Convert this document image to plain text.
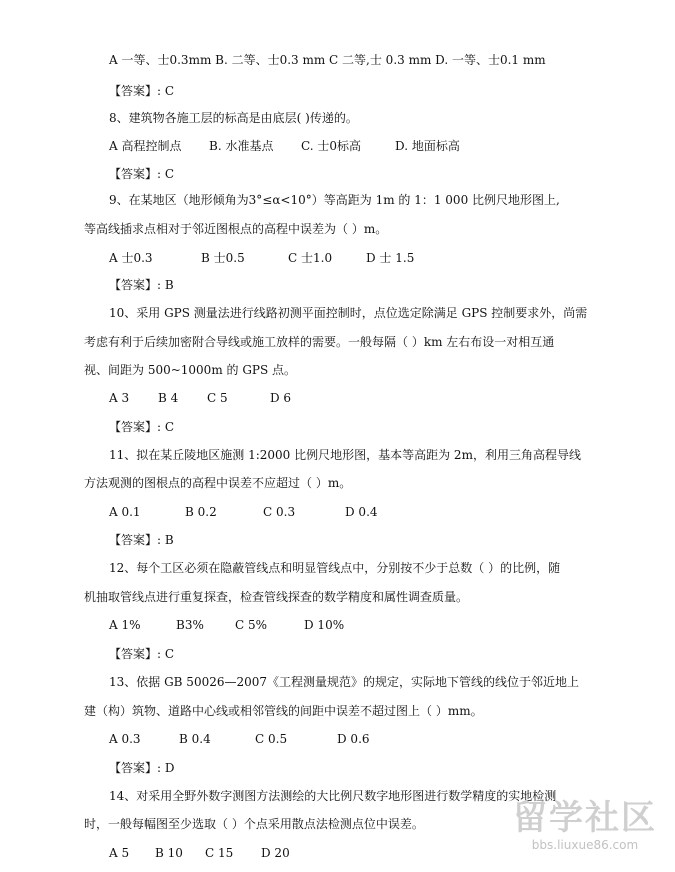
A 一等、士0.3mm B. 二等、士0.3 mm C 二等,士 0.3 mm D. 一等、士0.1 mm
【答案】: C
8、建筑物各施工层的标高是由底层( )传递的。
A 高程控制点 B. 水准基点 C. 士0标高	D. 地面标高
【答案】: C
9、在某地区（地形倾角为3°≤α<10°）等高距为 1m 的 1：1 000 比例尺地形图上,
等高线插求点相对于邻近图根点的高程中误差为（ ）m。
A 士0.3	B 士0.5	C 士1.0	D 士 1.5
【答案】: B
10、采用 GPS 测量法进行线路初测平面控制时，点位选定除满足 GPS 控制要求外，尚需
考虑有利于后续加密附合导线或施工放样的需要。一般每隔（ ）km 左右布设一对相互通
视、间距为 500~1000m 的 GPS 点。
A 3 B 4 C 5	D 6
【答案】: C
11、拟在某丘陵地区施测 1:2000 比例尺地形图，基本等高距为 2m，利用三角高程导线
方法观测的图根点的高程中误差不应超过（ ）m。
A 0.1	B 0.2	C 0.3	D 0.4
【答案】: B
12、每个工区必须在隐蔽管线点和明显管线点中，分别按不少于总数（ ）的比例，随
机抽取管线点进行重复探查，检查管线探查的数学精度和属性调查质量。
A 1%	B3%	C 5%	D 10%
【答案】: C
13、依据 GB 50026—2007《工程测量规范》的规定，实际地下管线的线位于邻近地上
建（构）筑物、道路中心线或相邻管线的间距中误差不超过图上（ ）mm。
A 0.3	B 0.4	C 0.5	D 0.6
【答案】: D
14、对采用全野外数字测图方法测绘的大比例尺数字地形图进行数学精度的实地检测
时，一般每幅图至少选取（ ）个点采用散点法检测点位中误差。
A 5 B 10 C 15 D 20
留学社区
bbs.liuxue86.com
